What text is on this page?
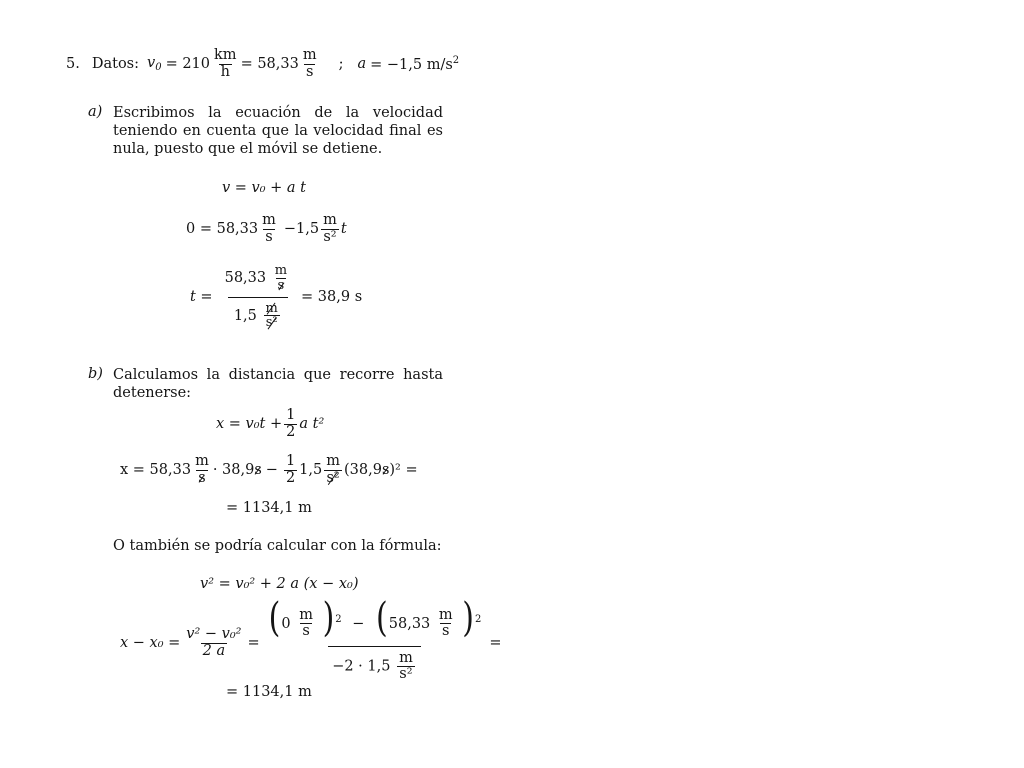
5. Datos: $v_0 = 210 \frac{km}{h} = 58,33 \frac{m}{s}$ ; a = −1,5 $m/s^2$
a) Escribimos la ecuación de la velocidad teniendo en cuenta que la velocidad final es nula, puesto que el móvil se detiene.
v = v₀ + a t
$0 = 58,33 \frac{m}{s} -1,5 \frac{m}{\text{s²}}$ t
$t = \frac{58,33 \frac{m}{s}}{1,5 \frac{m}{\text{s²}}} = 38,9$ s
b) Calculamos la distancia que recorre hasta detenerse:
$x = v_0t + \frac{1}{2}$ a t²
$x = 58,33 \frac{m}{s} \cdot 38,9$ $s - \frac{1}{2} 1,5 \frac{m}{\text{s²}} (38,9$ s )² =
= 1134,1 m
O también se podría calcular con la fórmula:
v² = v₀² + 2 a (x − x₀)
$x - x_0 = \frac{\text{v² − v₀²}}{2 a} = \frac{(0 \frac{m}{s} )^2 - (58,33 \frac{m}{s} )^2}{-2 \cdot 1,5 \frac{m}{\text{s²}}}$ =
= 1134,1 m
